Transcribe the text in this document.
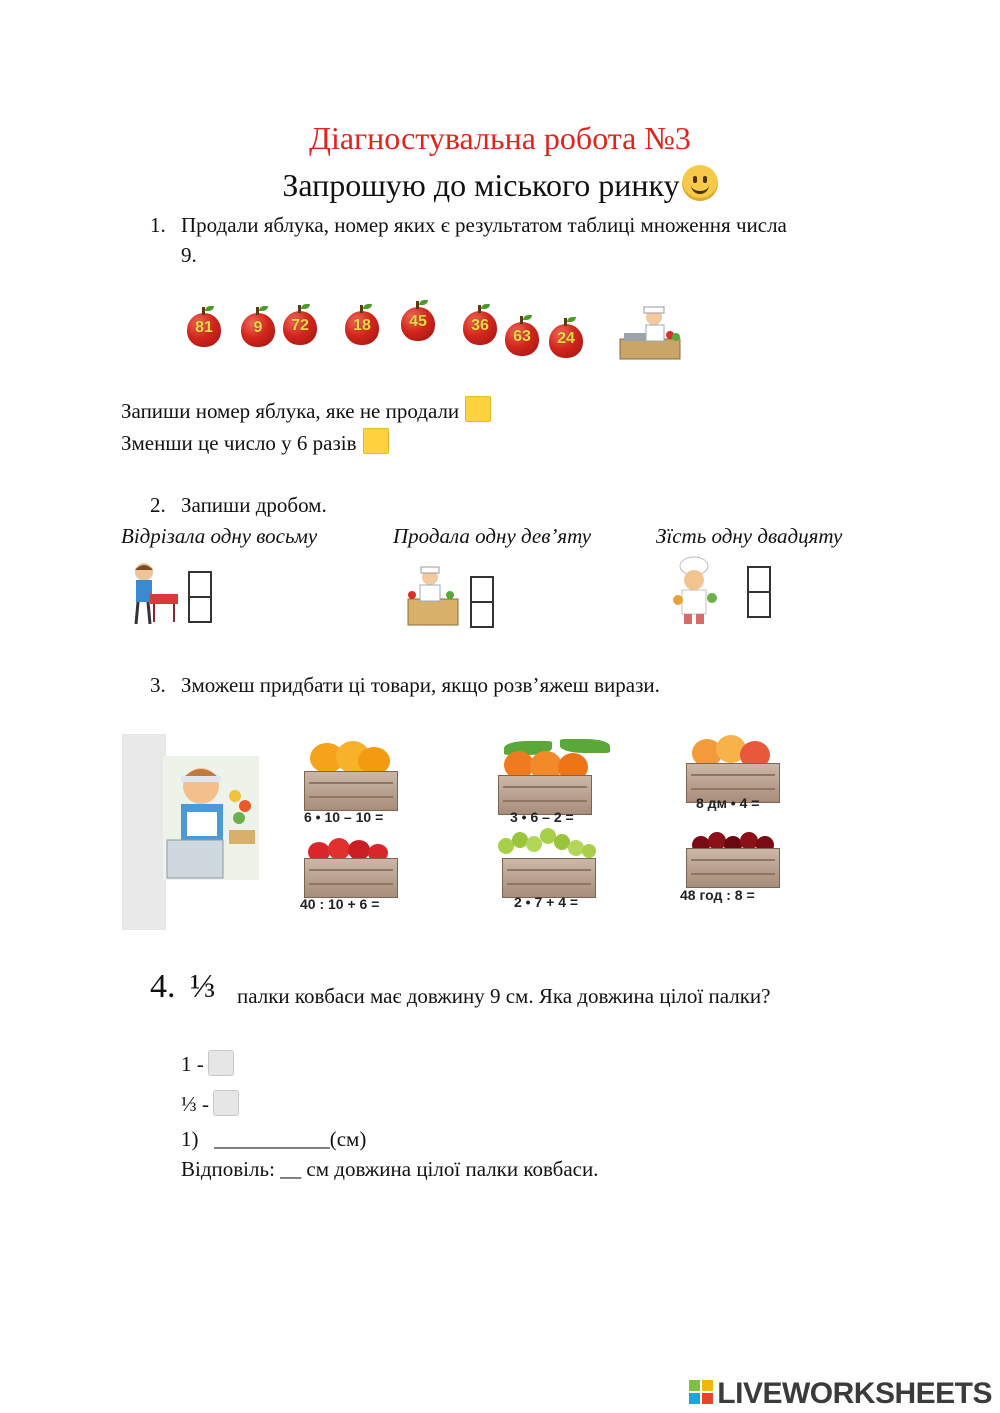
Діагностувальна робота №3
Запрошую до міського ринку
1. Продали яблука, номер яких є результатом таблиці множення числа
9.
81	9	72	18	45	36
63	24
Запиши номер яблука, яке не продали
Зменши це число у 6 разів
2. Запиши дробом.
Відрізала одну восьму	Продала одну дев’яту	Зїсть одну двадцяту
3. Зможеш придбати ці товари, якщо розв’яжеш вирази.
6 • 10 – 10 =	3 • 6 – 2 =
8 дм • 4 =
40 : 10 + 6 =	2 • 7 + 4 =	48 год : 8 =
4. ⅓ палки ковбаси має довжину 9 см. Яка довжина цілої палки?
1 -
⅓ -
1)   ___________(см)
Відповіль: __ см довжина цілої палки ковбаси.
LIVEWORKSHEETS
